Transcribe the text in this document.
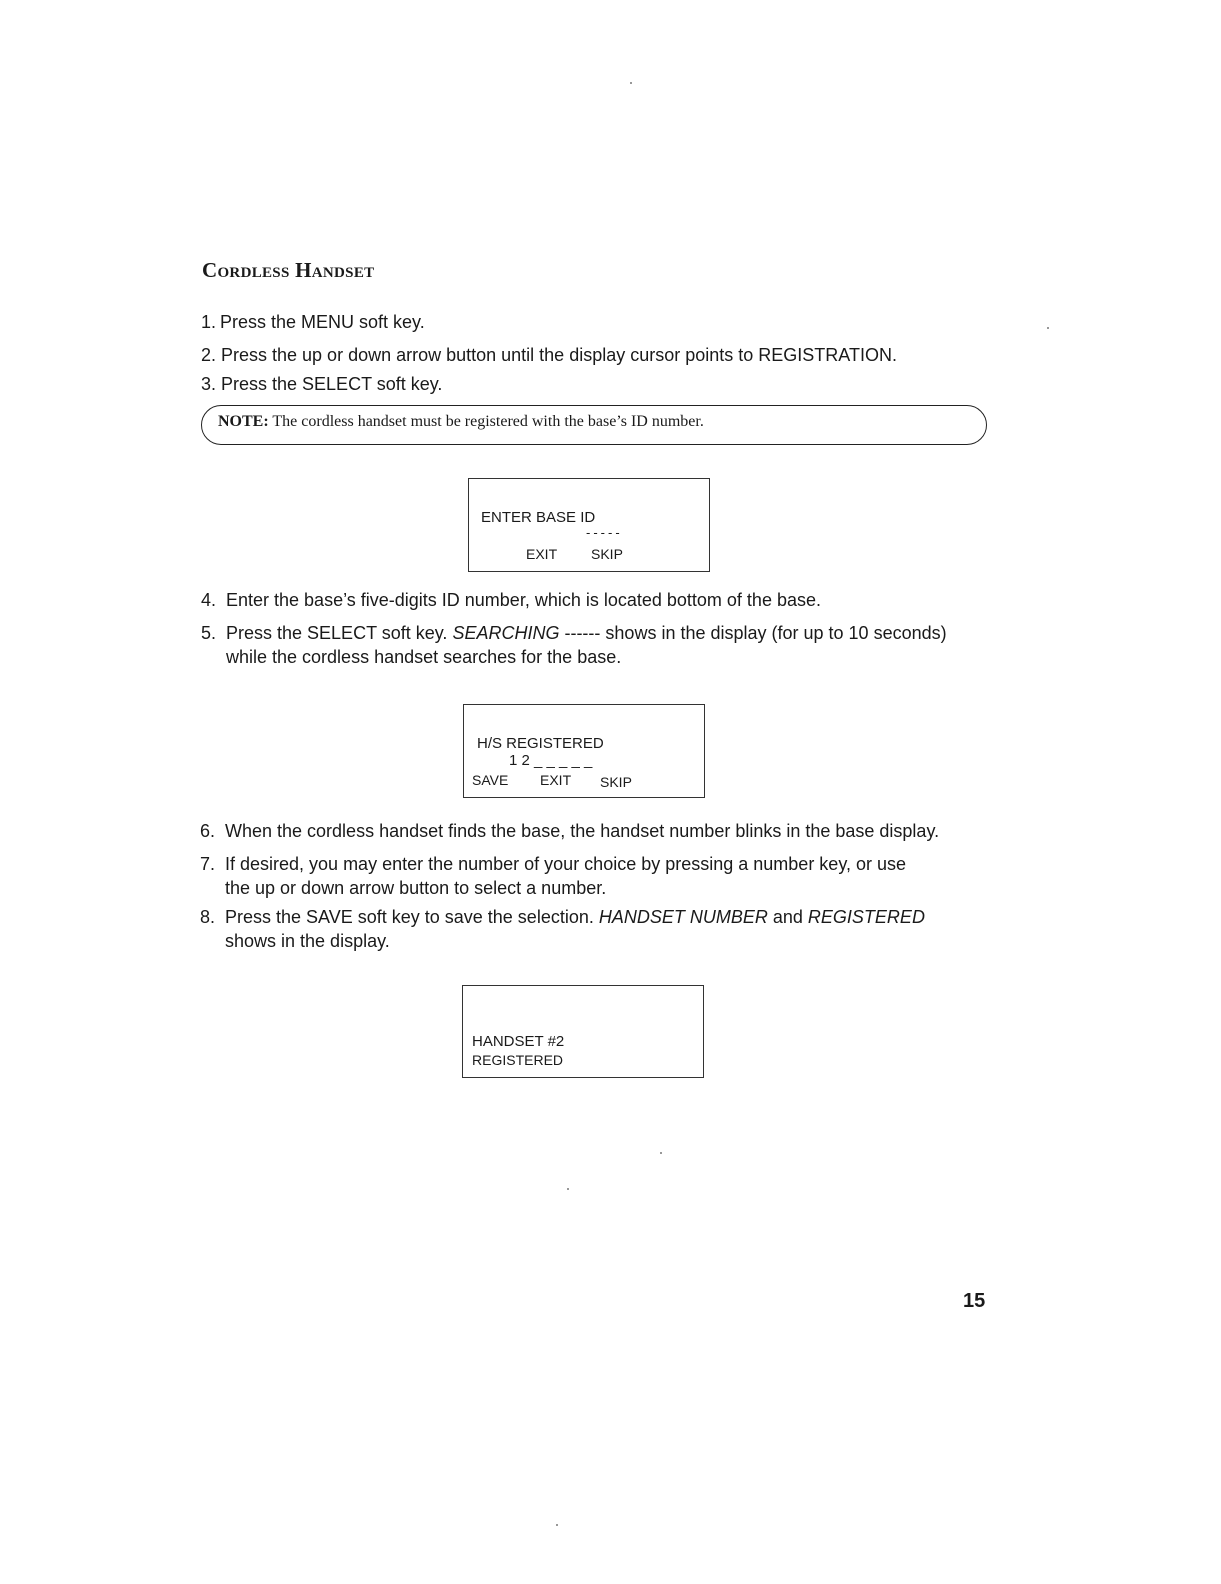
Cordless Handset
1. Press the MENU soft key.
2. Press the up or down arrow button until the display cursor points to REGISTRATION.
3. Press the SELECT soft key.
NOTE: The cordless handset must be registered with the base’s ID number.
ENTER BASE ID
-----
EXIT SKIP
4. Enter the base’s five-digits ID number, which is located bottom of the base.
5. Press the SELECT soft key. SEARCHING ------ shows in the display (for up to 10 seconds)
while the cordless handset searches for the base.
H/S REGISTERED
1 2 _ _ _ _ _
SAVE EXIT SKIP
6. When the cordless handset finds the base, the handset number blinks in the base display.
7. If desired, you may enter the number of your choice by pressing a number key, or use
the up or down arrow button to select a number.
8. Press the SAVE soft key to save the selection. HANDSET NUMBER and REGISTERED
shows in the display.
HANDSET #2
REGISTERED
15
